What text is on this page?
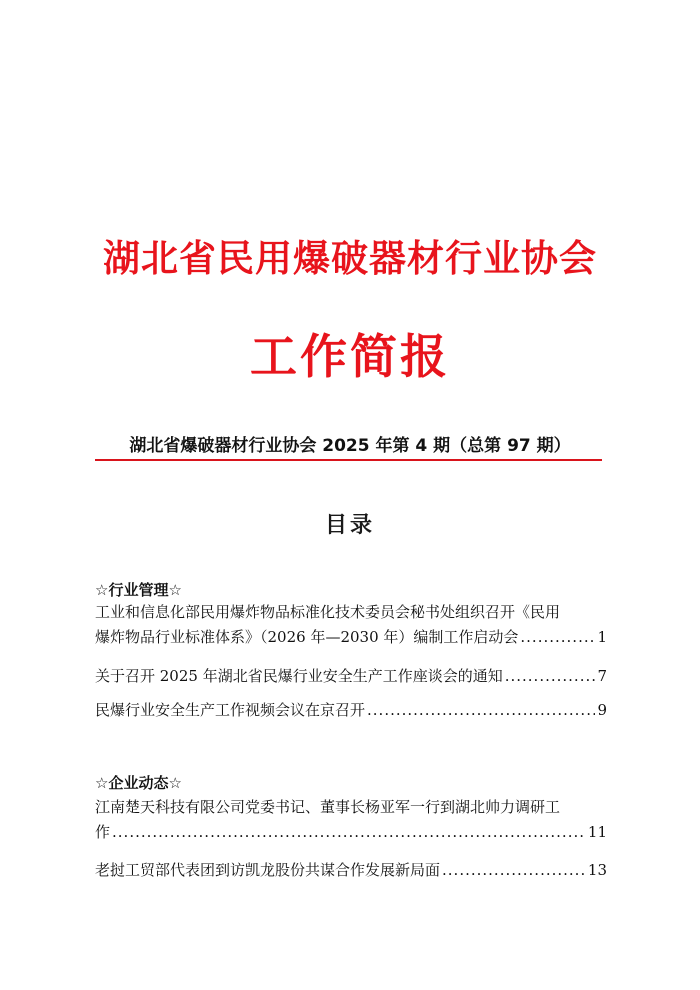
湖北省民用爆破器材行业协会
工作简报
湖北省爆破器材行业协会 2025 年第 4 期（总第 97 期）
目录
☆行业管理☆
工业和信息化部民用爆炸物品标准化技术委员会秘书处组织召开《民用
爆炸物品行业标准体系》（2026 年—2030 年）编制工作启动会 .....	1
关于召开 2025 年湖北省民爆行业安全生产工作座谈会的通知 .....	7
民爆行业安全生产工作视频会议在京召开 .....	9
☆企业动态☆
江南楚天科技有限公司党委书记、董事长杨亚军一行到湖北帅力调研工
作 .....	11
老挝工贸部代表团到访凯龙股份共谋合作发展新局面 .....	13
